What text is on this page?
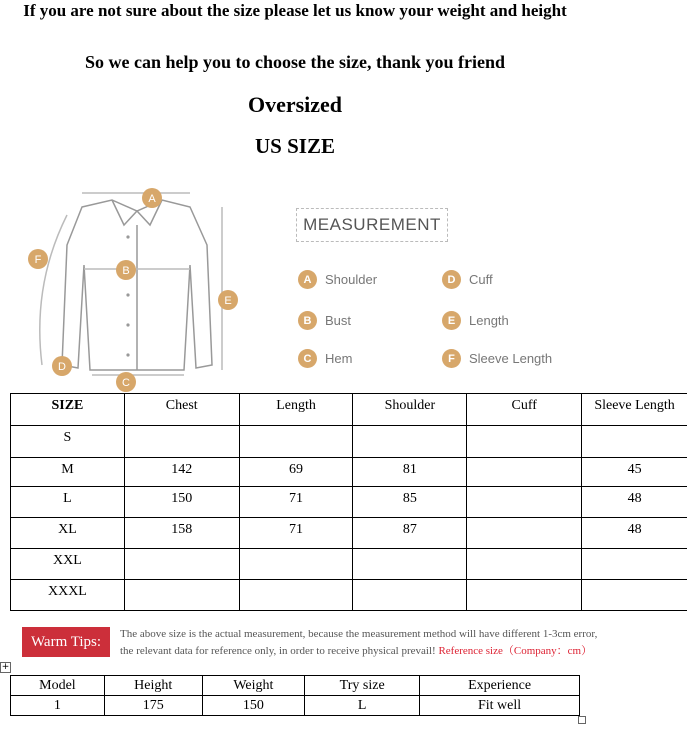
If you are not sure about the size please let us know your weight and height
So we can help you to choose the size, thank you friend
Oversized
US SIZE
A
B
C
D
E
F
MEASUREMENT
A	Shoulder
B	Bust
C	Hem
D	Cuff
E	Length
F	Sleeve Length
SIZE	Chest	Length	Shoulder	Cuff	Sleeve Length
S					
M	142	69	81		45
L	150	71	85		48
XL	158	71	87		48
XXL					
XXXL					
Warm Tips:	The above size is the actual measurement, because the measurement method will have different 1-3cm error,
the relevant data for reference only, in order to receive physical prevail! Reference size（Company：cm）
+
Model	Height	Weight	Try size	Experience
1	175	150	L	Fit well
